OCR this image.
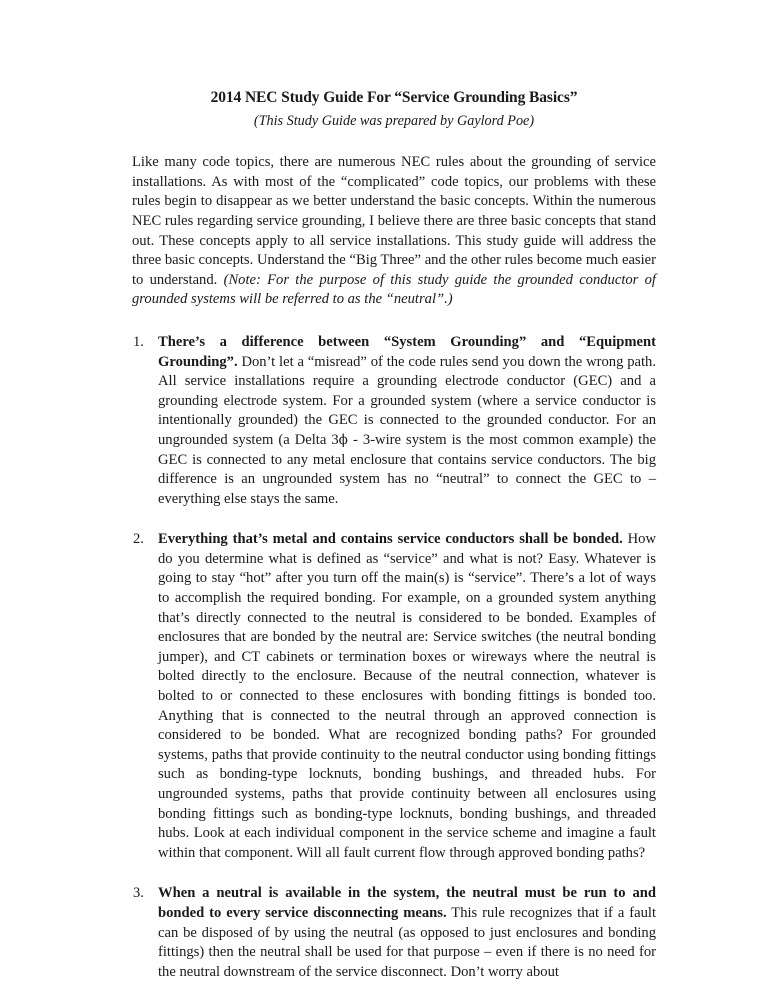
2014 NEC Study Guide For “Service Grounding Basics”
(This Study Guide was prepared by Gaylord Poe)

Like many code topics, there are numerous NEC rules about the grounding of service installations. As with most of the “complicated” code topics, our problems with these rules begin to disappear as we better understand the basic concepts. Within the numerous NEC rules regarding service grounding, I believe there are three basic concepts that stand out. These concepts apply to all service installations. This study guide will address the three basic concepts. Understand the “Big Three” and the other rules become much easier to understand. (Note: For the purpose of this study guide the grounded conductor of grounded systems will be referred to as the “neutral”.)

1. There’s a difference between “System Grounding” and “Equipment Grounding”. Don’t let a “misread” of the code rules send you down the wrong path. All service installations require a grounding electrode conductor (GEC) and a grounding electrode system. For a grounded system (where a service conductor is intentionally grounded) the GEC is connected to the grounded conductor. For an ungrounded system (a Delta 3ϕ - 3-wire system is the most common example) the GEC is connected to any metal enclosure that contains service conductors. The big difference is an ungrounded system has no “neutral” to connect the GEC to – everything else stays the same.
2. Everything that’s metal and contains service conductors shall be bonded. How do you determine what is defined as “service” and what is not? Easy. Whatever is going to stay “hot” after you turn off the main(s) is “service”. There’s a lot of ways to accomplish the required bonding. For example, on a grounded system anything that’s directly connected to the neutral is considered to be bonded. Examples of enclosures that are bonded by the neutral are: Service switches (the neutral bonding jumper), and CT cabinets or termination boxes or wireways where the neutral is bolted directly to the enclosure. Because of the neutral connection, whatever is bolted to or connected to these enclosures with bonding fittings is bonded too. Anything that is connected to the neutral through an approved connection is considered to be bonded. What are recognized bonding paths? For grounded systems, paths that provide continuity to the neutral conductor using bonding fittings such as bonding-type locknuts, bonding bushings, and threaded hubs. For ungrounded systems, paths that provide continuity between all enclosures using bonding fittings such as bonding-type locknuts, bonding bushings, and threaded hubs. Look at each individual component in the service scheme and imagine a fault within that component. Will all fault current flow through approved bonding paths?
3. When a neutral is available in the system, the neutral must be run to and bonded to every service disconnecting means. This rule recognizes that if a fault can be disposed of by using the neutral (as opposed to just enclosures and bonding fittings) then the neutral shall be used for that purpose – even if there is no need for the neutral downstream of the service disconnect. Don’t worry about
